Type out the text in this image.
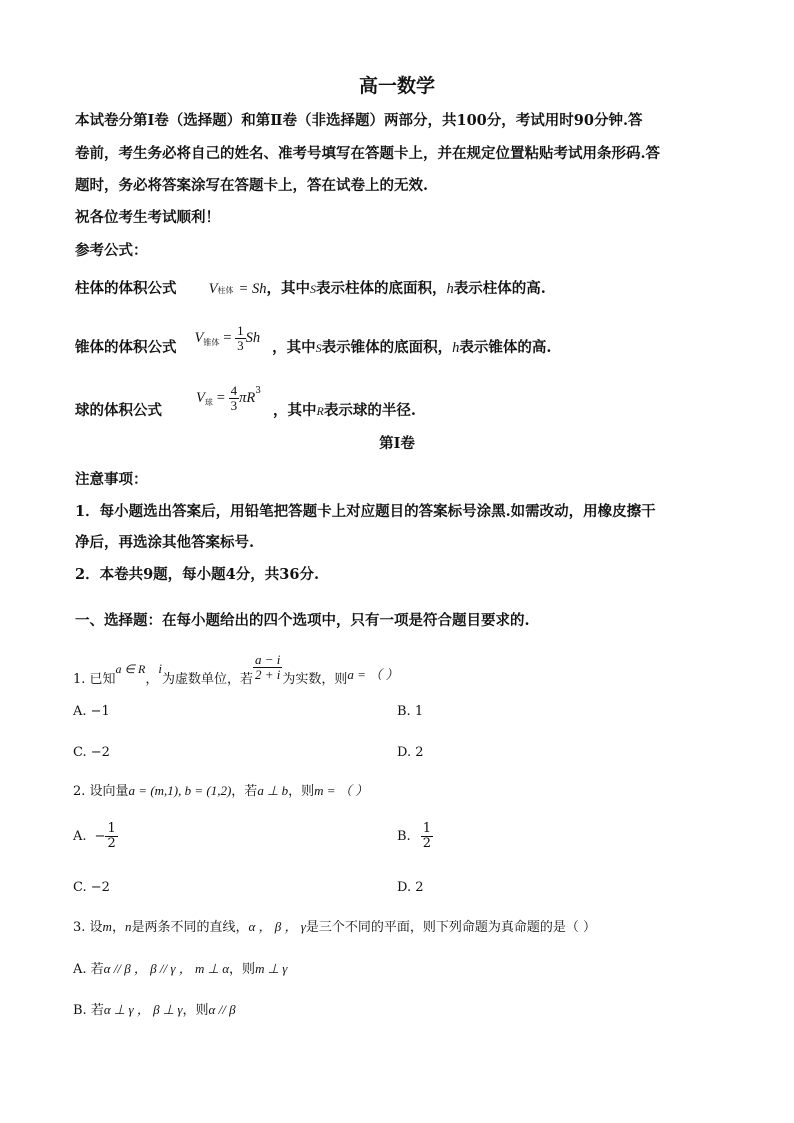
高一数学
本试卷分第Ⅰ卷（选择题）和第Ⅱ卷（非选择题）两部分，共100分，考试用时90分钟.答
卷前，考生务必将自己的姓名、准考号填写在答题卡上，并在规定位置粘贴考试用条形码.答
题时，务必将答案涂写在答题卡上，答在试卷上的无效.
祝各位考生考试顺利！
参考公式：
柱体的体积公式 V柱体 = Sh，其中S表示柱体的底面积，h表示柱体的高.
锥体的体积公式
V 锥体 = $\frac{1}{3}$ Sh
，其中S表示锥体的底面积，h表示锥体的高.
球的体积公式
V 球 = $\frac{4}{3}$ πR 3
，其中R表示球的半径.
第Ⅰ卷
注意事项：
1．每小题选出答案后，用铅笔把答题卡上对应题目的答案标号涂黑.如需改动，用橡皮擦干
净后，再选涂其他答案标号.
2．本卷共9题，每小题4分，共36分.
一、选择题：在每小题给出的四个选项中，只有一项是符合题目要求的.
1. 已知
a ∈ R
，
i
为虚数单位，若 $\frac{a - i}{2 + i}$ 为实数，则 a = （ ）
A. −1	B. 1
C. −2	D. 2
2. 设向量a = (m,1), b = (1,2)，若a ⊥ b，则m = （ ）
A. − $\frac{1}{2}$	B. $\frac{1}{2}$
C. −2	D. 2
3. 设m，n是两条不同的直线，α ， β ， γ是三个不同的平面，则下列命题为真命题的是（ ）
A. 若α // β ， β // γ ， m ⊥ α，则m ⊥ γ
B. 若α ⊥ γ ， β ⊥ γ，则α // β
